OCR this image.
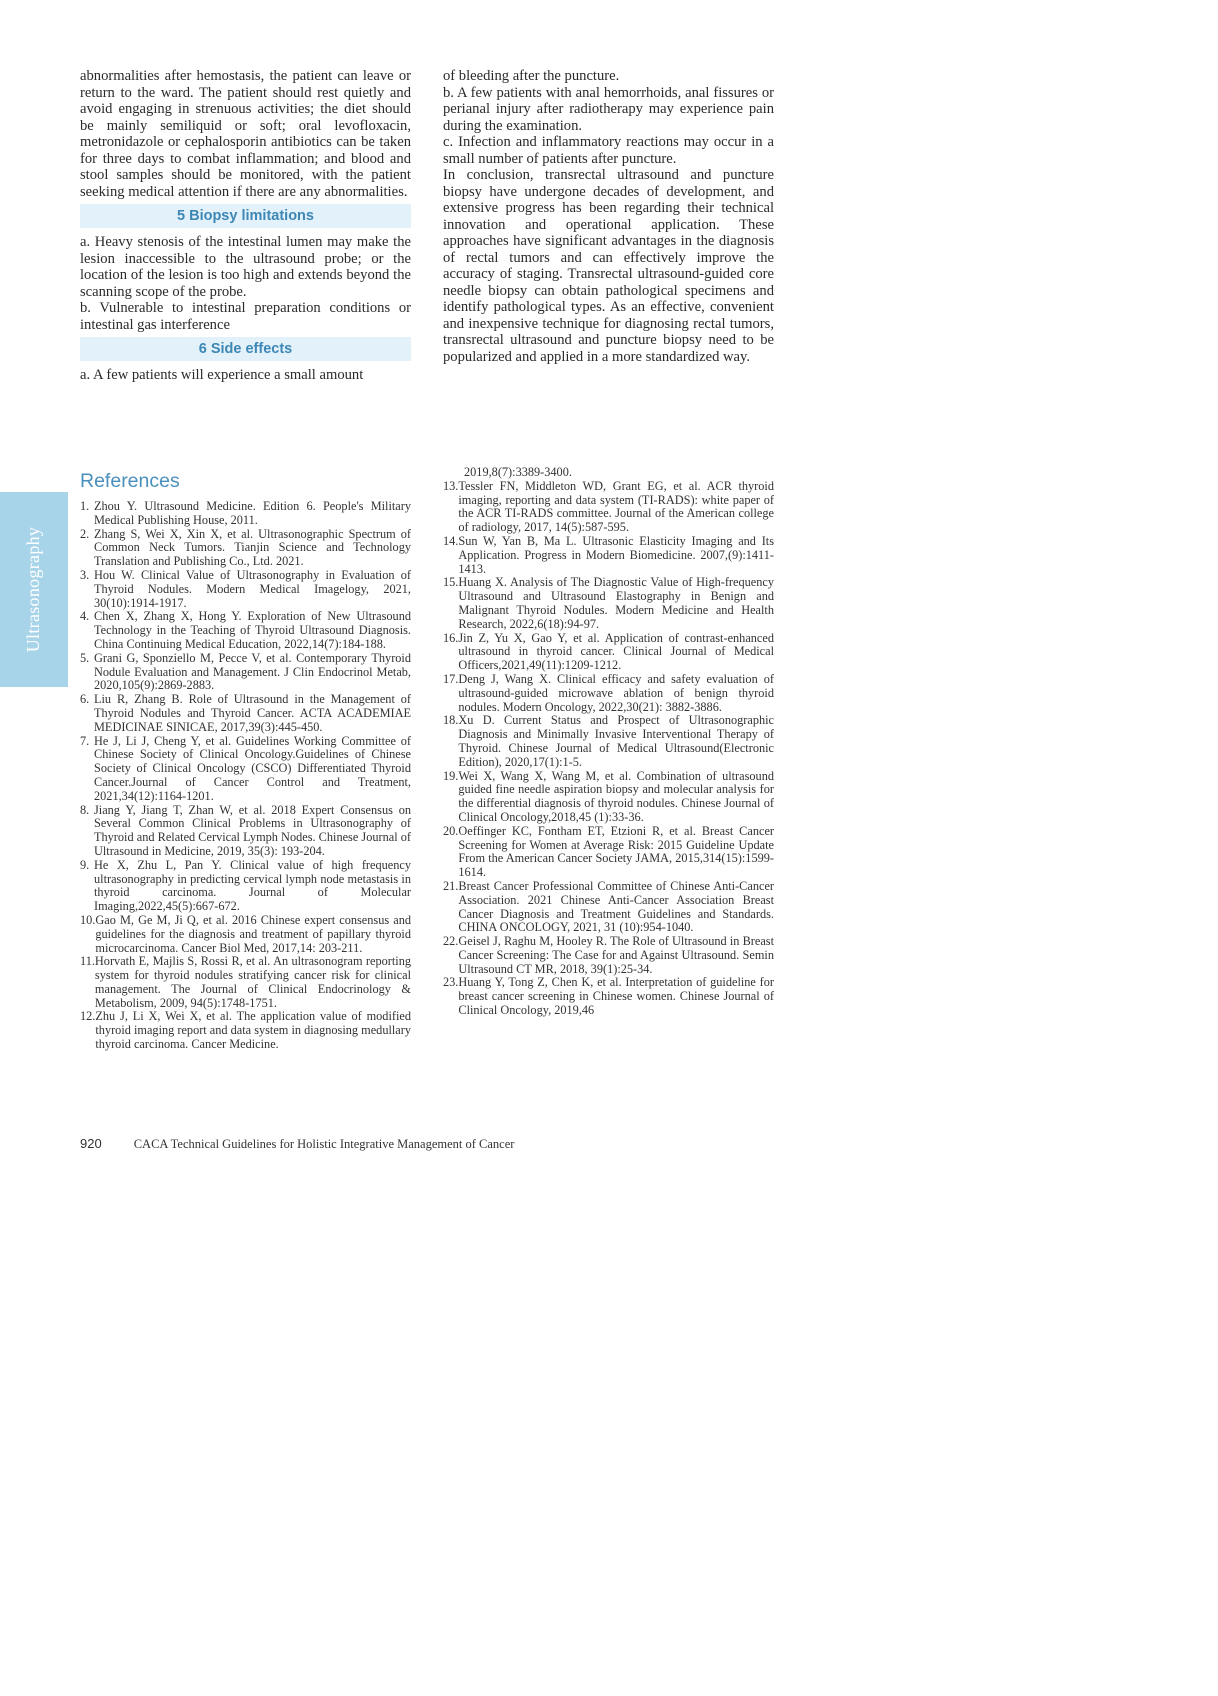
Ultrasonography

abnormalities after hemostasis, the patient can leave or return to the ward. The patient should rest quietly and avoid engaging in strenuous activities; the diet should be mainly semiliquid or soft; oral levofloxacin, metronidazole or cephalosporin antibiotics can be taken for three days to combat inflammation; and blood and stool samples should be monitored, with the patient seeking medical attention if there are any abnormalities.

5 Biopsy limitations

a. Heavy stenosis of the intestinal lumen may make the lesion inaccessible to the ultrasound probe; or the location of the lesion is too high and extends beyond the scanning scope of the probe.

b. Vulnerable to intestinal preparation conditions or intestinal gas interference

6 Side effects

a. A few patients will experience a small amount

of bleeding after the puncture.

b. A few patients with anal hemorrhoids, anal fissures or perianal injury after radiotherapy may experience pain during the examination.

c. Infection and inflammatory reactions may occur in a small number of patients after puncture.

In conclusion, transrectal ultrasound and puncture biopsy have undergone decades of development, and extensive progress has been regarding their technical innovation and operational application. These approaches have significant advantages in the diagnosis of rectal tumors and can effectively improve the accuracy of staging. Transrectal ultrasound-guided core needle biopsy can obtain pathological specimens and identify pathological types. As an effective, convenient and inexpensive technique for diagnosing rectal tumors, transrectal ultrasound and puncture biopsy need to be popularized and applied in a more standardized way.

References
1. Zhou Y. Ultrasound Medicine. Edition 6. People's Military Medical Publishing House, 2011.
2. Zhang S, Wei X, Xin X, et al. Ultrasonographic Spectrum of Common Neck Tumors. Tianjin Science and Technology Translation and Publishing Co., Ltd. 2021.
3. Hou W. Clinical Value of Ultrasonography in Evaluation of Thyroid Nodules. Modern Medical Imagelogy, 2021, 30(10):1914-1917.
4. Chen X, Zhang X, Hong Y. Exploration of New Ultrasound Technology in the Teaching of Thyroid Ultrasound Diagnosis. China Continuing Medical Education, 2022,14(7):184-188.
5. Grani G, Sponziello M, Pecce V, et al. Contemporary Thyroid Nodule Evaluation and Management. J Clin Endocrinol Metab, 2020,105(9):2869-2883.
6. Liu R, Zhang B. Role of Ultrasound in the Management of Thyroid Nodules and Thyroid Cancer. ACTA ACADEMIAE MEDICINAE SINICAE, 2017,39(3):445-450.
7. He J, Li J, Cheng Y, et al. Guidelines Working Committee of Chinese Society of Clinical Oncology.Guidelines of Chinese Society of Clinical Oncology (CSCO) Differentiated Thyroid Cancer.Journal of Cancer Control and Treatment, 2021,34(12):1164-1201.
8. Jiang Y, Jiang T, Zhan W, et al. 2018 Expert Consensus on Several Common Clinical Problems in Ultrasonography of Thyroid and Related Cervical Lymph Nodes. Chinese Journal of Ultrasound in Medicine, 2019, 35(3): 193-204.
9. He X, Zhu L, Pan Y. Clinical value of high frequency ultrasonography in predicting cervical lymph node metastasis in thyroid carcinoma. Journal of Molecular Imaging,2022,45(5):667-672.
10. Gao M, Ge M, Ji Q, et al. 2016 Chinese expert consensus and guidelines for the diagnosis and treatment of papillary thyroid microcarcinoma. Cancer Biol Med, 2017,14: 203-211.
11. Horvath E, Majlis S, Rossi R, et al. An ultrasonogram reporting system for thyroid nodules stratifying cancer risk for clinical management. The Journal of Clinical Endocrinology & Metabolism, 2009, 94(5):1748-1751.
12. Zhu J, Li X, Wei X, et al. The application value of modified thyroid imaging report and data system in diagnosing medullary thyroid carcinoma. Cancer Medicine.
2019,8(7):3389-3400.
13. Tessler FN, Middleton WD, Grant EG, et al. ACR thyroid imaging, reporting and data system (TI-RADS): white paper of the ACR TI-RADS committee. Journal of the American college of radiology, 2017, 14(5):587-595.
14. Sun W, Yan B, Ma L. Ultrasonic Elasticity Imaging and Its Application. Progress in Modern Biomedicine. 2007,(9):1411-1413.
15. Huang X. Analysis of The Diagnostic Value of High-frequency Ultrasound and Ultrasound Elastography in Benign and Malignant Thyroid Nodules. Modern Medicine and Health Research, 2022,6(18):94-97.
16. Jin Z, Yu X, Gao Y, et al. Application of contrast-enhanced ultrasound in thyroid cancer. Clinical Journal of Medical Officers,2021,49(11):1209-1212.
17. Deng J, Wang X. Clinical efficacy and safety evaluation of ultrasound-guided microwave ablation of benign thyroid nodules. Modern Oncology, 2022,30(21): 3882-3886.
18. Xu D. Current Status and Prospect of Ultrasonographic Diagnosis and Minimally Invasive Interventional Therapy of Thyroid. Chinese Journal of Medical Ultrasound(Electronic Edition), 2020,17(1):1-5.
19. Wei X, Wang X, Wang M, et al. Combination of ultrasound guided fine needle aspiration biopsy and molecular analysis for the differential diagnosis of thyroid nodules. Chinese Journal of Clinical Oncology,2018,45 (1):33-36.
20. Oeffinger KC, Fontham ET, Etzioni R, et al. Breast Cancer Screening for Women at Average Risk: 2015 Guideline Update From the American Cancer Society JAMA, 2015,314(15):1599-1614.
21. Breast Cancer Professional Committee of Chinese Anti-Cancer Association. 2021 Chinese Anti-Cancer Association Breast Cancer Diagnosis and Treatment Guidelines and Standards. CHINA ONCOLOGY, 2021, 31 (10):954-1040.
22. Geisel J, Raghu M, Hooley R. The Role of Ultrasound in Breast Cancer Screening: The Case for and Against Ultrasound. Semin Ultrasound CT MR, 2018, 39(1):25-34.
23. Huang Y, Tong Z, Chen K, et al. Interpretation of guideline for breast cancer screening in Chinese women. Chinese Journal of Clinical Oncology, 2019,46
920	CACA Technical Guidelines for Holistic Integrative Management of Cancer
